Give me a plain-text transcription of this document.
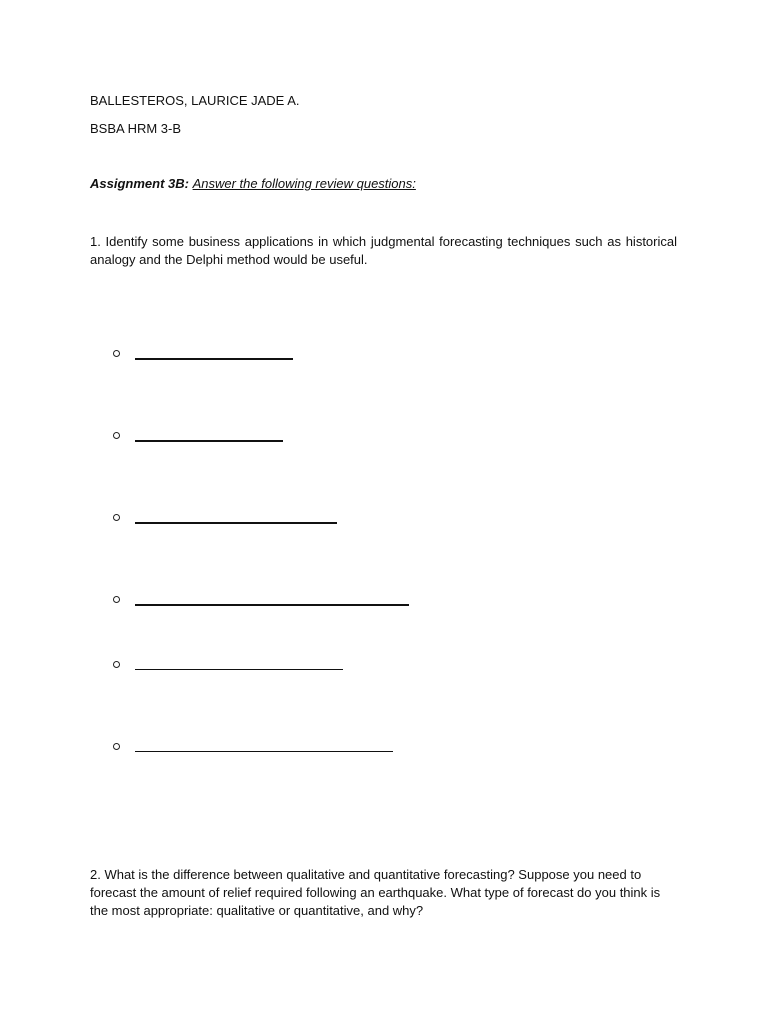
BALLESTEROS, LAURICE JADE A.
BSBA HRM 3-B
Assignment 3B: Answer the following review questions:
1. Identify some business applications in which judgmental forecasting techniques such as historical analogy and the Delphi method would be useful.
2. What is the difference between qualitative and quantitative forecasting? Suppose you need to forecast the amount of relief required following an earthquake. What type of forecast do you think is the most appropriate: qualitative or quantitative, and why?
